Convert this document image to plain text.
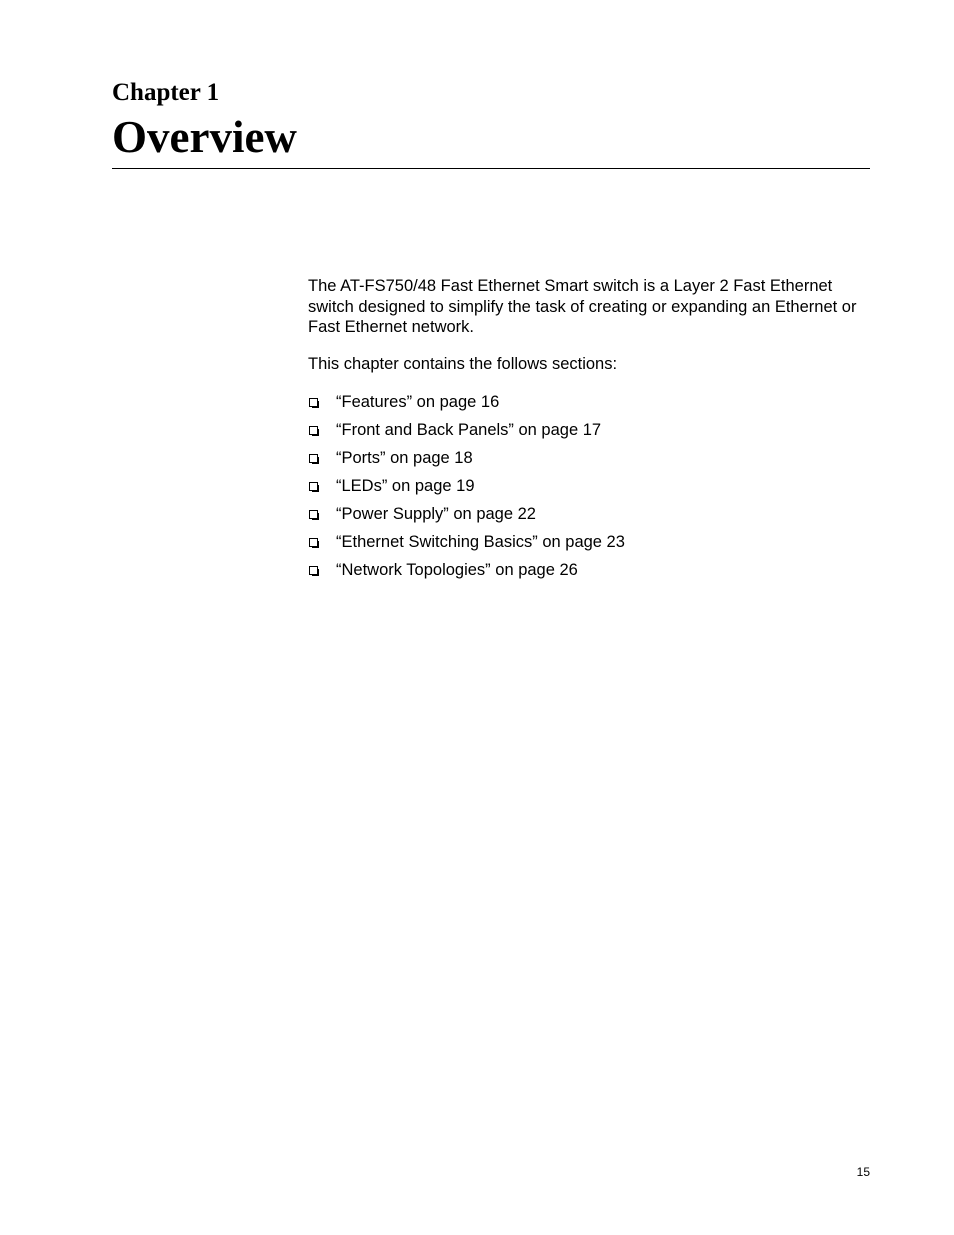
Chapter 1
Overview

The AT-FS750/48 Fast Ethernet Smart switch is a Layer 2 Fast Ethernet switch designed to simplify the task of creating or expanding an Ethernet or Fast Ethernet network.

This chapter contains the follows sections:

“Features” on page 16
“Front and Back Panels” on page 17
“Ports” on page 18
“LEDs” on page 19
“Power Supply” on page 22
“Ethernet Switching Basics” on page 23
“Network Topologies” on page 26
15
